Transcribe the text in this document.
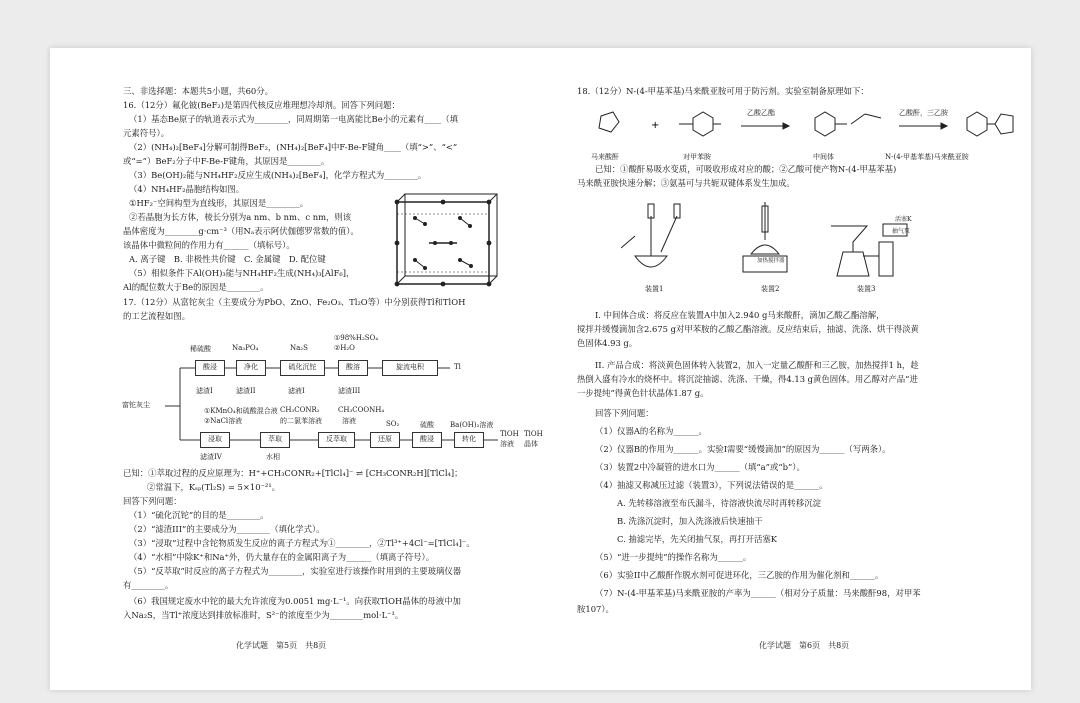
三、非选择题：本题共5小题，共60分。
16.（12分）氟化铍(BeF₂)是第四代核反应堆理想冷却剂。回答下列问题：
（1）基态Be原子的轨道表示式为________，同周期第一电离能比Be小的元素有____（填
元素符号）。
（2）(NH₄)₂[BeF₄]分解可制得BeF₂，(NH₄)₂[BeF₄]中F-Be-F键角____（填“>”、“<”
或“=”）BeF₂分子中F-Be-F键角，其原因是________。
（3）Be(OH)₂能与NH₄HF₂反应生成(NH₄)₂[BeF₄]，化学方程式为________。
（4）NH₄HF₂晶胞结构如图。
①HF₂⁻空间构型为直线形，其原因是________。
②若晶胞为长方体，棱长分别为a nm、b nm、c nm，则该
晶体密度为________g·cm⁻³（用Nₐ表示阿伏伽德罗常数的值）。
该晶体中微粒间的作用力有______（填标号）。
A. 离子键　B. 非极性共价键　C. 金属键　D. 配位键
（5）相似条件下Al(OH)₃能与NH₄HF₂生成(NH₄)₃[AlF₆]，
Al的配位数大于Be的原因是________。
17.（12分）从富铊灰尘（主要成分为PbO、ZnO、Fe₂O₃、Tl₂O等）中分别获得Tl和TlOH
的工艺流程如图。
富铊灰尘
酸浸	净化	硫化沉铊	酸溶	旋流电积	Tl
稀硫酸	Na₃PO₄	Na₂S
①98%H₂SO₄
②H₂O
滤渣I	滤渣II	滤液I	滤渣III
①KMnO₄和硫酸混合液
②NaCl溶液
CH₃CONR₂
的二氯苯溶液
CH₃COONH₄
溶液	SO₂	硫酸 Ba(OH)₂溶液
浸取	萃取	反萃取	还原	酸浸	转化
TlOH
溶液
TlOH
晶体
滤渣IV	水相
已知：①萃取过程的反应原理为：H⁺+CH₃CONR₂+[TlCl₄]⁻ ⇌ [CH₃CONR₂H][TlCl₄]；
②常温下，Kₛₚ(Tl₂S) = 5×10⁻²¹。
回答下列问题：
（1）“硫化沉铊”的目的是________。
（2）“滤渣III”的主要成分为________（填化学式）。
（3）“浸取”过程中含铊物质发生反应的离子方程式为①________，②Tl³⁺+4Cl⁻=[TlCl₄]⁻。
（4）“水相”中除K⁺和Na⁺外，仍大量存在的金属阳离子为______（填离子符号）。
（5）“反萃取”时反应的离子方程式为________，实验室进行该操作时用到的主要玻璃仪器
有________。
（6）我国规定废水中铊的最大允许浓度为0.0051 mg·L⁻¹。向获取TlOH晶体的母液中加
入Na₂S，当Tl⁺浓度达到排放标准时，S²⁻的浓度至少为________mol·L⁻¹。
化学试题　第5页　共8页
18.（12分）N-(4-甲基苯基)马来酰亚胺可用于防污剂。实验室制备原理如下：
+
马来酸酐	对甲苯胺	中间体	N-(4-甲基苯基)马来酰亚胺
乙酸乙酯	乙酸酐，三乙胺
已知：①酸酐易吸水变质，可吸收形成对应的酸；②乙酸可使产物N-(4-甲基苯基)
马来酰亚胺快速分解；③氨基可与共轭双键体系发生加成。
加热搅拌器
活塞K
抽气泵
装置1	装置2	装置3
I. 中间体合成：将反应在装置A中加入2.940 g马来酸酐，滴加乙酸乙酯溶解，
搅拌并缓慢滴加含2.675 g对甲苯胺的乙酸乙酯溶液。反应结束后，抽滤、洗涤、烘干得淡黄
色固体4.93 g。
II. 产品合成：将淡黄色固体转入装置2，加入一定量乙酸酐和三乙胺，加热搅拌1 h，趁
热倒入盛有冷水的烧杯中。将沉淀抽滤、洗涤、干燥，得4.13 g黄色固体。用乙醇对产品“进
一步提纯”得黄色针状晶体1.87 g。
回答下列问题：
（1）仪器A的名称为______。
（2）仪器B的作用为______。实验I需要“缓慢滴加”的原因为______（写两条）。
（3）装置2中冷凝管的进水口为______（填“a”或“b”）。
（4）抽滤又称减压过滤（装置3），下列说法错误的是______。
A. 先转移溶液至布氏漏斗，待溶液快流尽时再转移沉淀
B. 洗涤沉淀时，加入洗涤液后快速抽干
C. 抽滤完毕，先关闭抽气泵，再打开活塞K
（5）“进一步提纯”的操作名称为______。
（6）实验II中乙酸酐作脱水剂可促进环化，三乙胺的作用为催化剂和______。
（7）N-(4-甲基苯基)马来酰亚胺的产率为______（相对分子质量：马来酸酐98，对甲苯
胺107）。
化学试题　第6页　共8页
